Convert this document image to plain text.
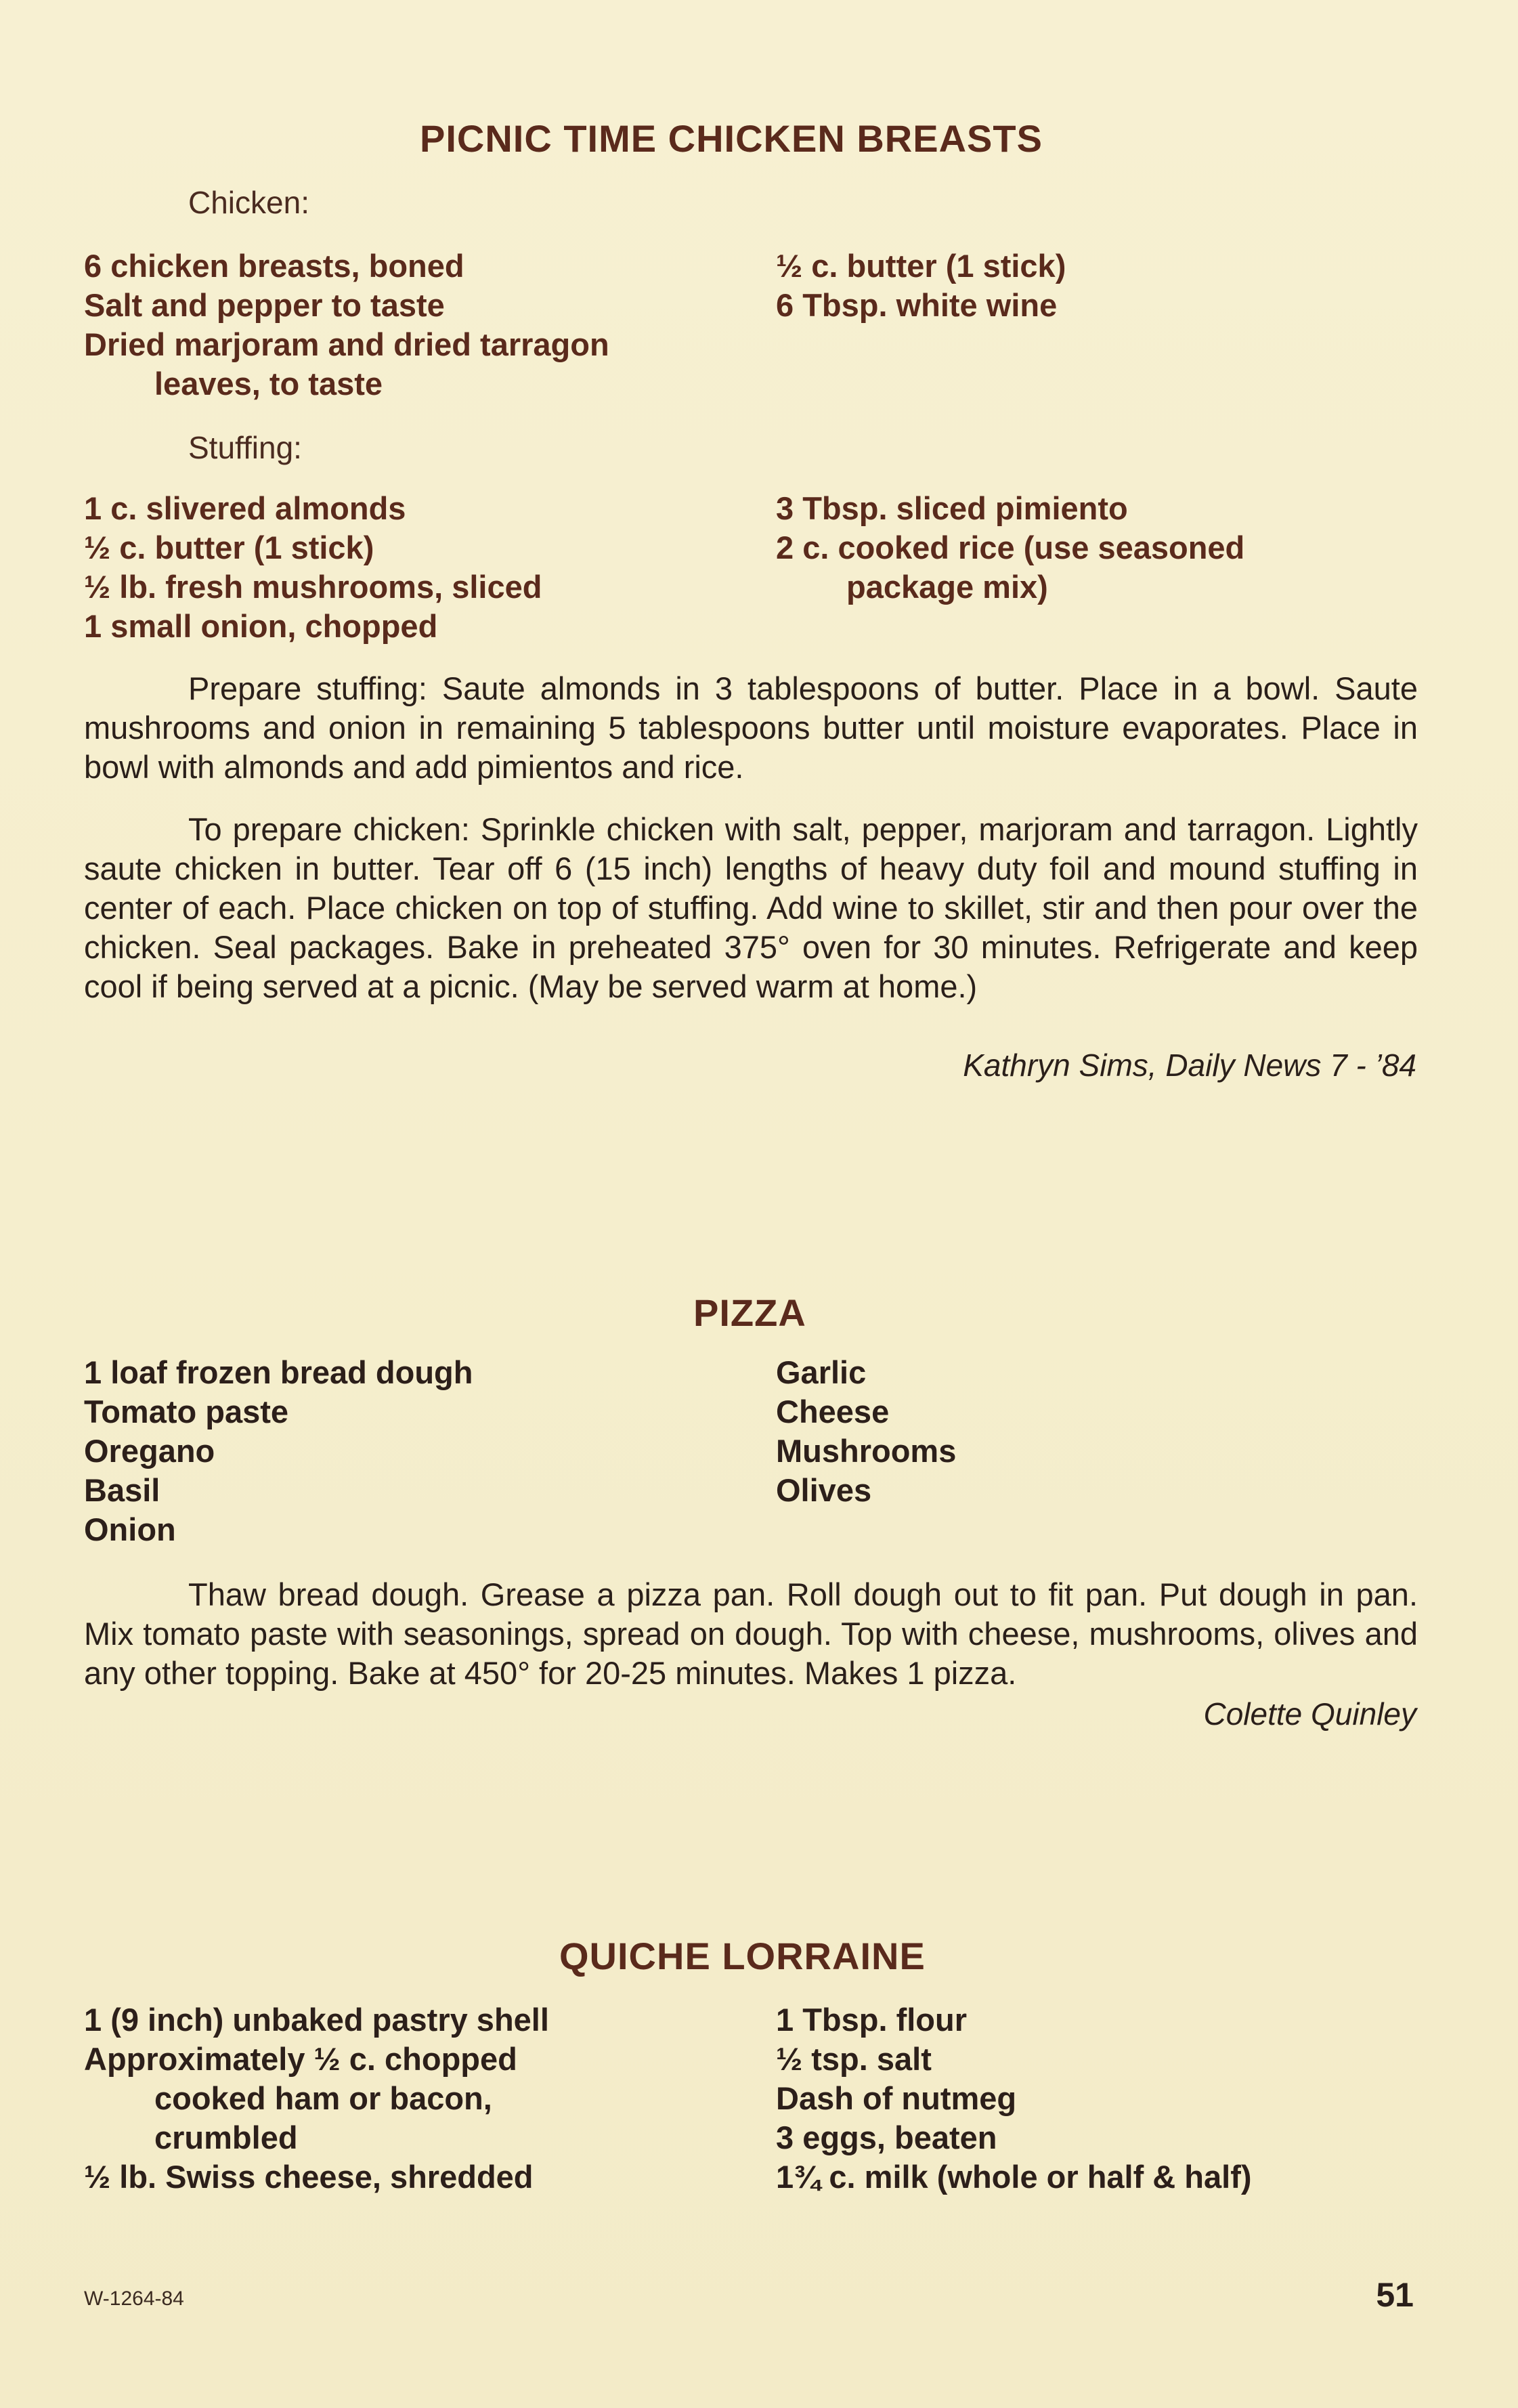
PICNIC TIME CHICKEN BREASTS
Chicken:
6 chicken breasts, boned
Salt and pepper to taste
Dried marjoram and dried tarragon
leaves, to taste
½ c. butter (1 stick)
6 Tbsp. white wine
Stuffing:
1 c. slivered almonds
½ c. butter (1 stick)
½ lb. fresh mushrooms, sliced
1 small onion, chopped
3 Tbsp. sliced pimiento
2 c. cooked rice (use seasoned
package mix)

Prepare stuffing: Saute almonds in 3 tablespoons of butter. Place in a bowl. Saute mushrooms and onion in remaining 5 tablespoons butter until moisture evaporates. Place in bowl with almonds and add pimientos and rice.

To prepare chicken: Sprinkle chicken with salt, pepper, marjoram and tarragon. Lightly saute chicken in butter. Tear off 6 (15 inch) lengths of heavy duty foil and mound stuffing in center of each. Place chicken on top of stuffing. Add wine to skillet, stir and then pour over the chicken. Seal packages. Bake in preheated 375° oven for 30 minutes. Refrigerate and keep cool if being served at a picnic. (May be served warm at home.)

Kathryn Sims, Daily News 7 - ’84
PIZZA
1 loaf frozen bread dough
Tomato paste
Oregano
Basil
Onion
Garlic
Cheese
Mushrooms
Olives

Thaw bread dough. Grease a pizza pan. Roll dough out to fit pan. Put dough in pan. Mix tomato paste with seasonings, spread on dough. Top with cheese, mushrooms, olives and any other topping. Bake at 450° for 20-25 minutes. Makes 1 pizza.

Colette Quinley
QUICHE LORRAINE
1 (9 inch) unbaked pastry shell
Approximately ½ c. chopped
cooked ham or bacon,
crumbled
½ lb. Swiss cheese, shredded
1 Tbsp. flour
½ tsp. salt
Dash of nutmeg
3 eggs, beaten
1¾ c. milk (whole or half & half)
W-1264-84	51
